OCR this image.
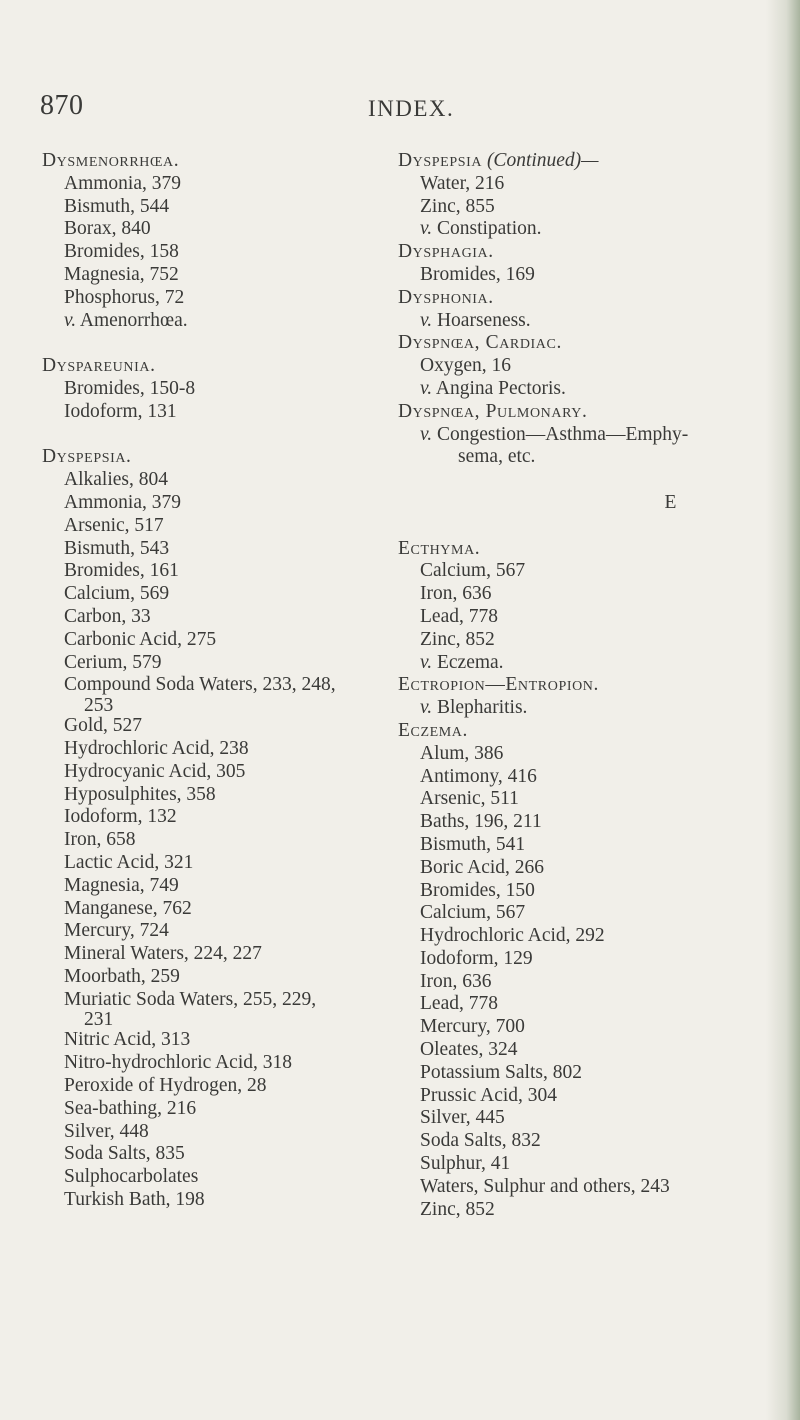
870	INDEX.

Dysmenorrhœa.

Ammonia, 379

Bismuth, 544

Borax, 840

Bromides, 158

Magnesia, 752

Phosphorus, 72

v. Amenorrhœa.

Dyspareunia.

Bromides, 150-8

Iodoform, 131

Dyspepsia.

Alkalies, 804

Ammonia, 379

Arsenic, 517

Bismuth, 543

Bromides, 161

Calcium, 569

Carbon, 33

Carbonic Acid, 275

Cerium, 579

Compound Soda Waters, 233, 248,

253

Gold, 527

Hydrochloric Acid, 238

Hydrocyanic Acid, 305

Hyposulphites, 358

Iodoform, 132

Iron, 658

Lactic Acid, 321

Magnesia, 749

Manganese, 762

Mercury, 724

Mineral Waters, 224, 227

Moorbath, 259

Muriatic Soda Waters, 255, 229,

231

Nitric Acid, 313

Nitro-hydrochloric Acid, 318

Peroxide of Hydrogen, 28

Sea-bathing, 216

Silver, 448

Soda Salts, 835

Sulphocarbolates

Turkish Bath, 198

Dyspepsia (Continued)—

Water, 216

Zinc, 855

v. Constipation.

Dysphagia.

Bromides, 169

Dysphonia.

v. Hoarseness.

Dyspnœa, Cardiac.

Oxygen, 16

v. Angina Pectoris.

Dyspnœa, Pulmonary.

v. Congestion—Asthma—Emphy-

sema, etc.

E

Ecthyma.

Calcium, 567

Iron, 636

Lead, 778

Zinc, 852

v. Eczema.

Ectropion—Entropion.

v. Blepharitis.

Eczema.

Alum, 386

Antimony, 416

Arsenic, 511

Baths, 196, 211

Bismuth, 541

Boric Acid, 266

Bromides, 150

Calcium, 567

Hydrochloric Acid, 292

Iodoform, 129

Iron, 636

Lead, 778

Mercury, 700

Oleates, 324

Potassium Salts, 802

Prussic Acid, 304

Silver, 445

Soda Salts, 832

Sulphur, 41

Waters, Sulphur and others, 243

Zinc, 852
